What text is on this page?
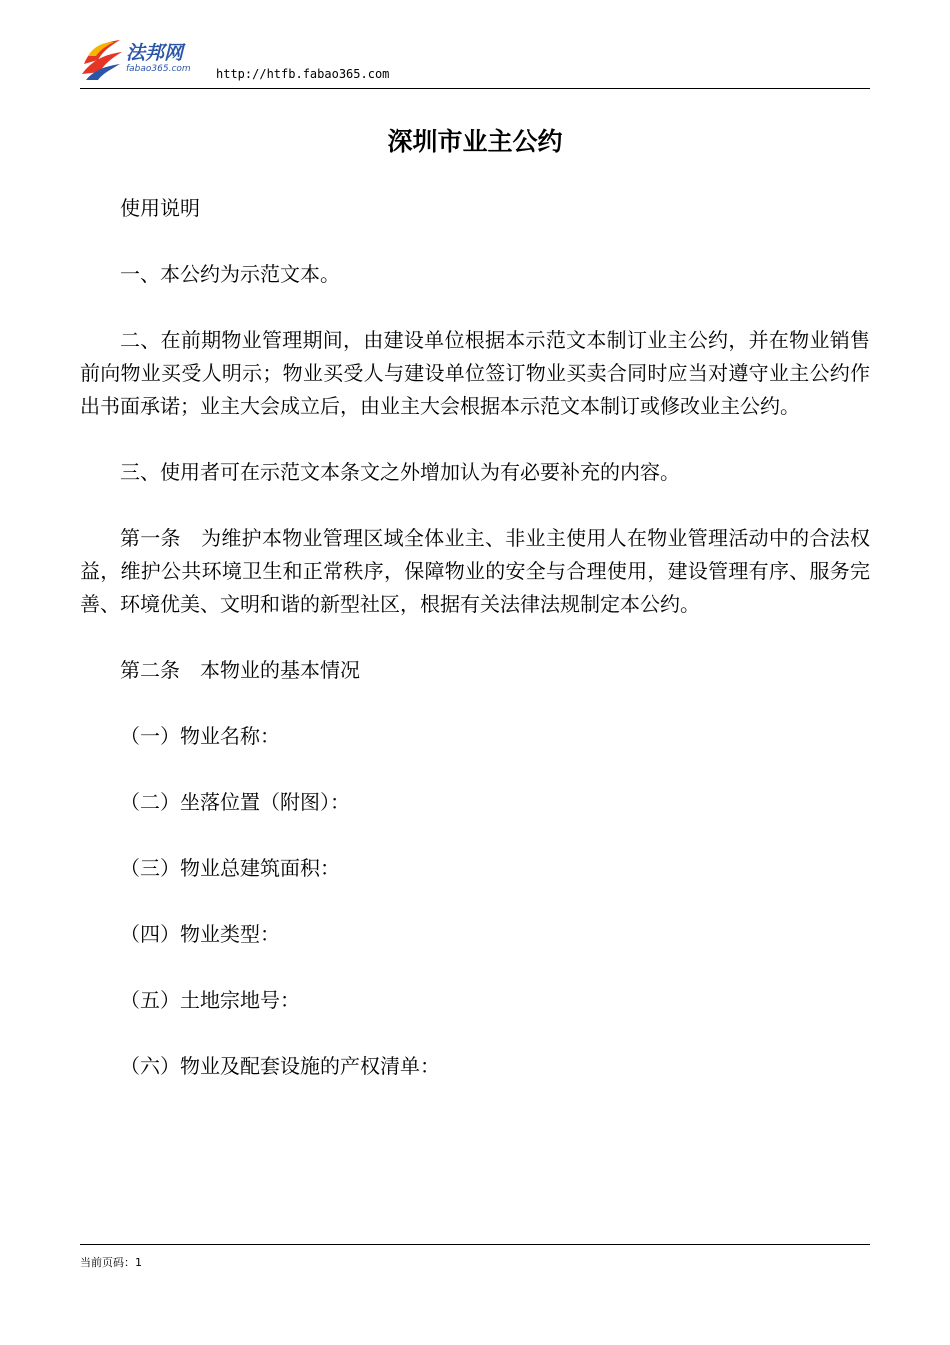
法邦网
fabao365.com http://htfb.fabao365.com
深圳市业主公约

使用说明

一、本公约为示范文本。

二、在前期物业管理期间，由建设单位根据本示范文本制订业主公约，并在物业销售前向物业买受人明示；物业买受人与建设单位签订物业买卖合同时应当对遵守业主公约作出书面承诺；业主大会成立后，由业主大会根据本示范文本制订或修改业主公约。

三、使用者可在示范文本条文之外增加认为有必要补充的内容。

第一条　为维护本物业管理区域全体业主、非业主使用人在物业管理活动中的合法权益，维护公共环境卫生和正常秩序，保障物业的安全与合理使用，建设管理有序、服务完善、环境优美、文明和谐的新型社区，根据有关法律法规制定本公约。

第二条　本物业的基本情况

（一）物业名称：

（二）坐落位置（附图）：

（三）物业总建筑面积：

（四）物业类型：

（五）土地宗地号：

（六）物业及配套设施的产权清单：

当前页码：1
